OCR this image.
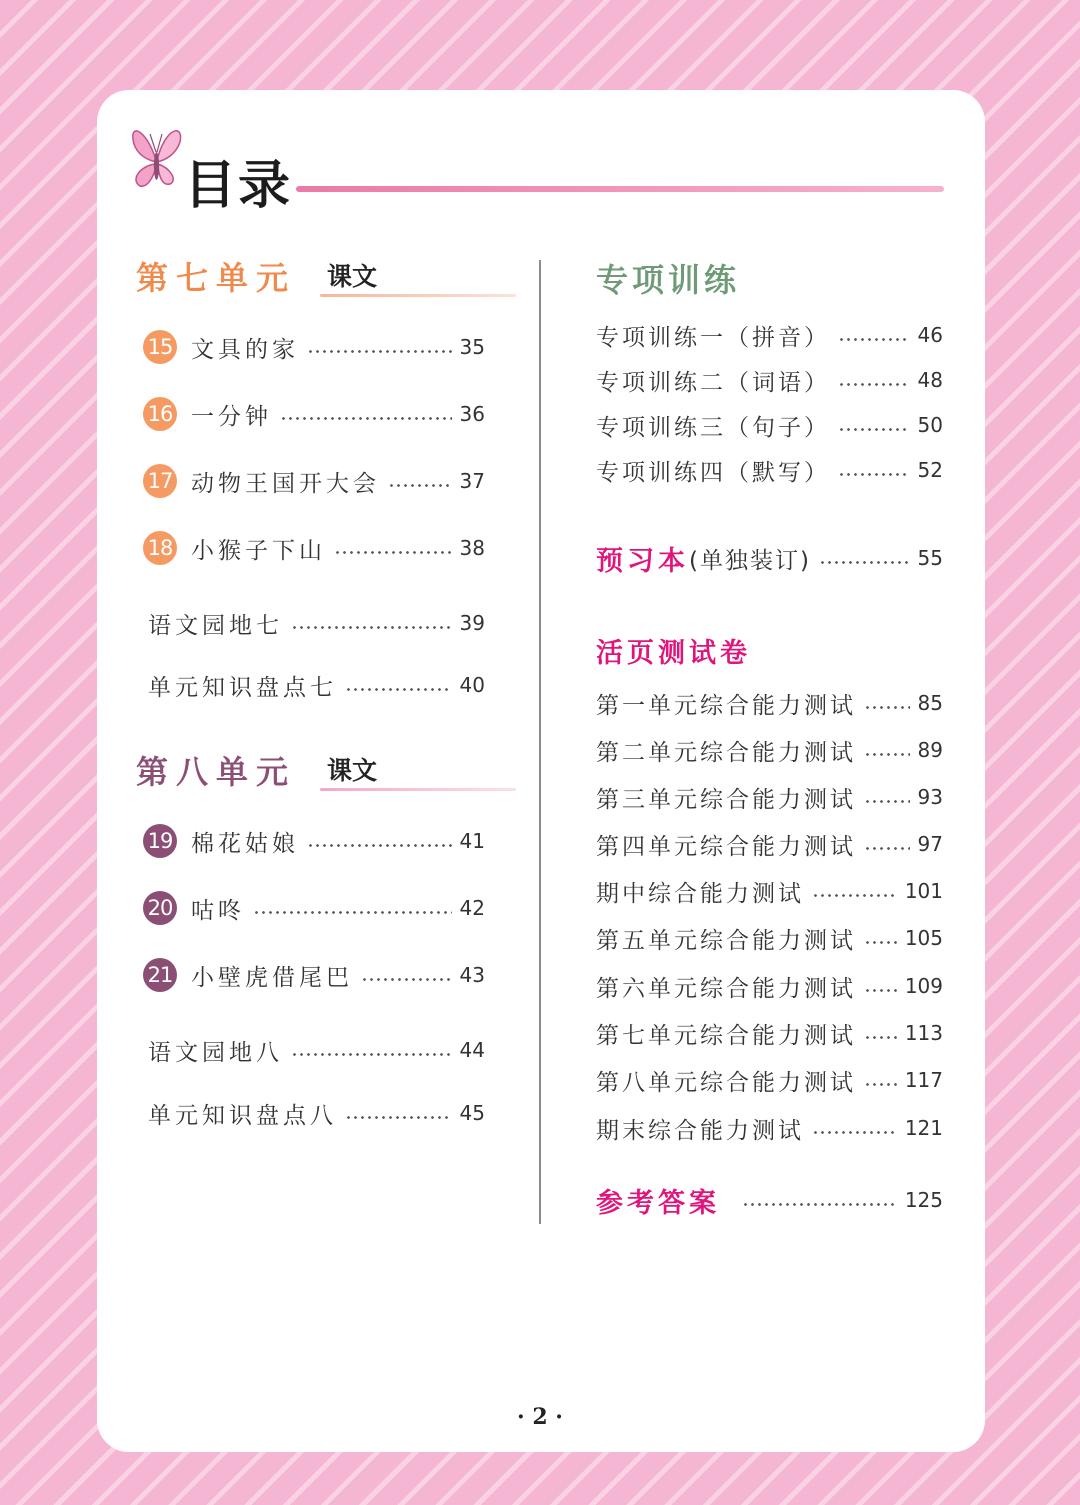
目录
第七单元 课文
15 文具的家	35
16 一分钟	36
17 动物王国开大会	37
18 小猴子下山	38
语文园地七	39
单元知识盘点七	40
第八单元 课文
19 棉花姑娘	41
20 咕咚	42
21 小壁虎借尾巴	43
语文园地八	44
单元知识盘点八	45
专项训练
专项训练一（拼音）	46
专项训练二（词语）	48
专项训练三（句子）	50
专项训练四（默写）	52
预习本 (单独装订)	55
活页测试卷
第一单元综合能力测试	85
第二单元综合能力测试	89
第三单元综合能力测试	93
第四单元综合能力测试	97
期中综合能力测试	101
第五单元综合能力测试 105
第六单元综合能力测试 109
第七单元综合能力测试 113
第八单元综合能力测试 117
期末综合能力测试	121
参考答案	125
· 2 ·
